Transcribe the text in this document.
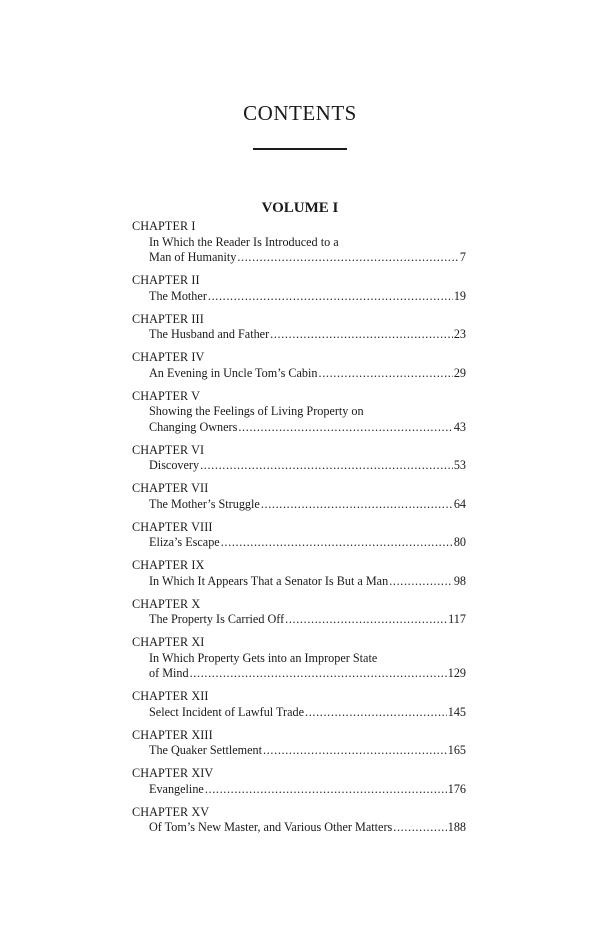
CONTENTS
VOLUME I
CHAPTER I
In Which the Reader Is Introduced to a
Man of Humanity . . .	7
CHAPTER II
The Mother . . .	19
CHAPTER III
The Husband and Father . . .	23
CHAPTER IV
An Evening in Uncle Tom’s Cabin . . .	29
CHAPTER V
Showing the Feelings of Living Property on
Changing Owners . . .	43
CHAPTER VI
Discovery . . .	53
CHAPTER VII
The Mother’s Struggle . . .	64
CHAPTER VIII
Eliza’s Escape . . .	80
CHAPTER IX
In Which It Appears That a Senator Is But a Man . . .	98
CHAPTER X
The Property Is Carried Off . . .	117
CHAPTER XI
In Which Property Gets into an Improper State
of Mind . . .	129
CHAPTER XII
Select Incident of Lawful Trade . . .	145
CHAPTER XIII
The Quaker Settlement . . .	165
CHAPTER XIV
Evangeline . . .	176
CHAPTER XV
Of Tom’s New Master, and Various Other Matters . . .	188
